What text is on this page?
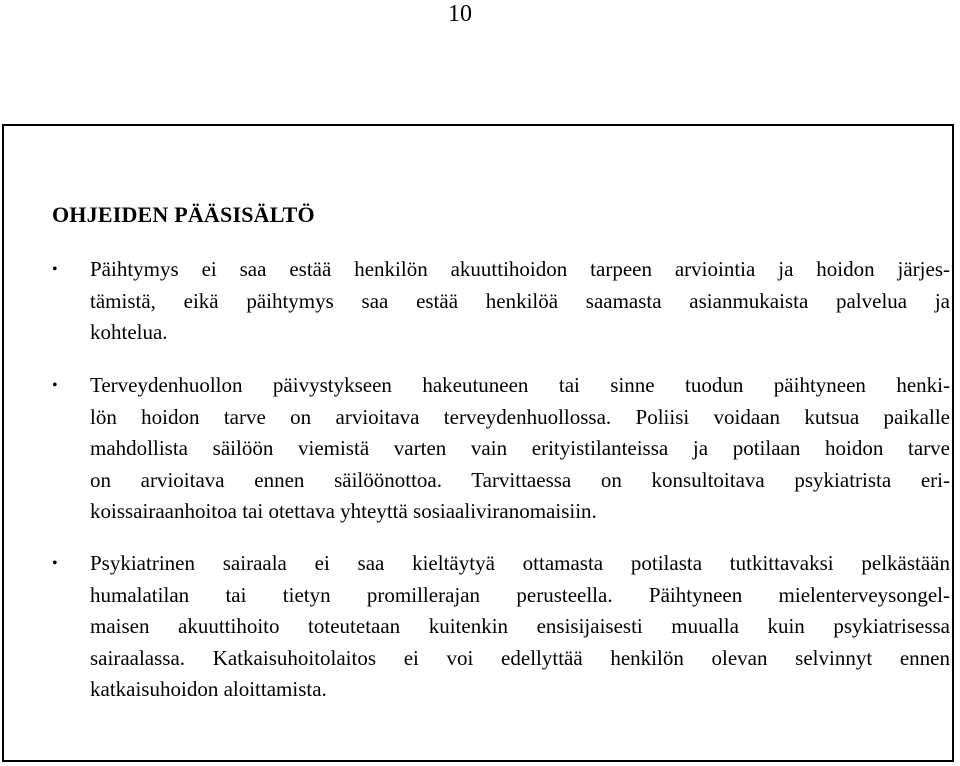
10
OHJEIDEN PÄÄSISÄLTÖ
• Päihtymys ei saa estää henkilön akuuttihoidon tarpeen arviointia ja hoidon järjes-
tämistä, eikä päihtymys saa estää henkilöä saamasta asianmukaista palvelua ja
kohtelua.
• Terveydenhuollon päivystykseen hakeutuneen tai sinne tuodun päihtyneen henki-
lön hoidon tarve on arvioitava terveydenhuollossa. Poliisi voidaan kutsua paikalle
mahdollista säilöön viemistä varten vain erityistilanteissa ja potilaan hoidon tarve
on arvioitava ennen säilöönottoa. Tarvittaessa on konsultoitava psykiatrista eri-
koissairaanhoitoa tai otettava yhteyttä sosiaaliviranomaisiin.
• Psykiatrinen sairaala ei saa kieltäytyä ottamasta potilasta tutkittavaksi pelkästään
humalatilan tai tietyn promillerajan perusteella. Päihtyneen mielenterveysongel-
maisen akuuttihoito toteutetaan kuitenkin ensisijaisesti muualla kuin psykiatrisessa
sairaalassa. Katkaisuhoitolaitos ei voi edellyttää henkilön olevan selvinnyt ennen
katkaisuhoidon aloittamista.
